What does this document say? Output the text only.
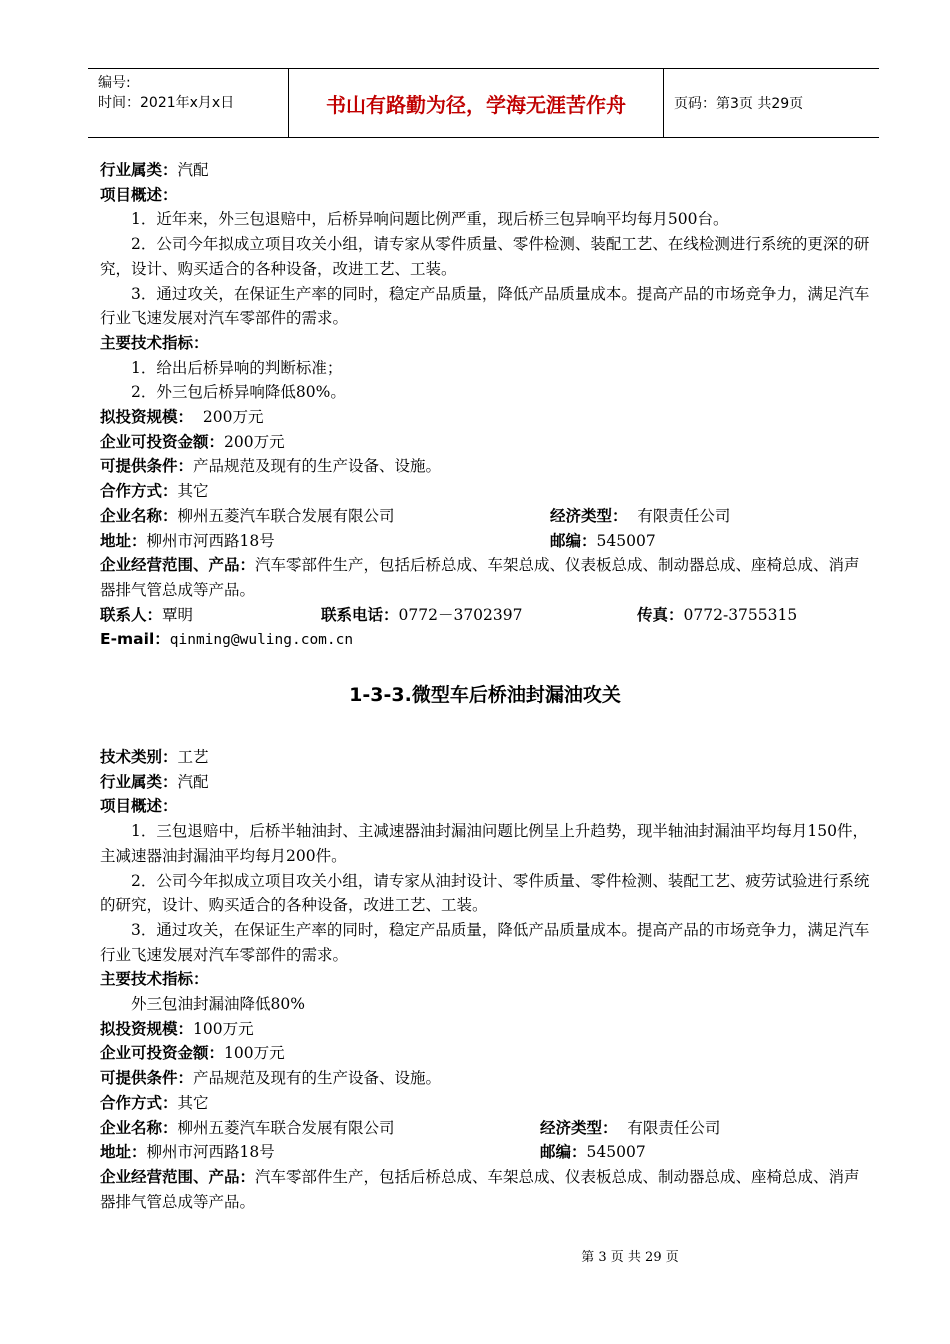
编号:
时间：2021年x月x日	书山有路勤为径，学海无涯苦作舟	页码：第3页 共29页
行业属类：汽配
项目概述：
1．近年来，外三包退赔中，后桥异响问题比例严重，现后桥三包异响平均每月500台。
2．公司今年拟成立项目攻关小组，请专家从零件质量、零件检测、装配工艺、在线检测进行系统的更深的研究，设计、购买适合的各种设备，改进工艺、工装。
3．通过攻关，在保证生产率的同时，稳定产品质量，降低产品质量成本。提高产品的市场竞争力，满足汽车行业飞速发展对汽车零部件的需求。
主要技术指标：
1．给出后桥异响的判断标准；
2．外三包后桥异响降低80%。
拟投资规模：  200万元
企业可投资金额：200万元
可提供条件：产品规范及现有的生产设备、设施。
合作方式：其它
企业名称：柳州五菱汽车联合发展有限公司	经济类型：  有限责任公司
地址：柳州市河西路18号	邮编：545007
企业经营范围、产品：汽车零部件生产，包括后桥总成、车架总成、仪表板总成、制动器总成、座椅总成、消声器排气管总成等产品。
联系人：覃明	联系电话：0772－3702397	传真：0772-3755315
E-mail：qinming@wuling.com.cn
1-3-3.微型车后桥油封漏油攻关
技术类别：工艺
行业属类：汽配
项目概述：
1．三包退赔中，后桥半轴油封、主减速器油封漏油问题比例呈上升趋势，现半轴油封漏油平均每月150件，主减速器油封漏油平均每月200件。
2．公司今年拟成立项目攻关小组，请专家从油封设计、零件质量、零件检测、装配工艺、疲劳试验进行系统的研究，设计、购买适合的各种设备，改进工艺、工装。
3．通过攻关，在保证生产率的同时，稳定产品质量，降低产品质量成本。提高产品的市场竞争力，满足汽车行业飞速发展对汽车零部件的需求。
主要技术指标：
外三包油封漏油降低80%
拟投资规模：100万元
企业可投资金额：100万元
可提供条件：产品规范及现有的生产设备、设施。
合作方式：其它
企业名称：柳州五菱汽车联合发展有限公司	经济类型：  有限责任公司
地址：柳州市河西路18号	邮编：545007
企业经营范围、产品：汽车零部件生产，包括后桥总成、车架总成、仪表板总成、制动器总成、座椅总成、消声器排气管总成等产品。
第 3 页 共 29 页
